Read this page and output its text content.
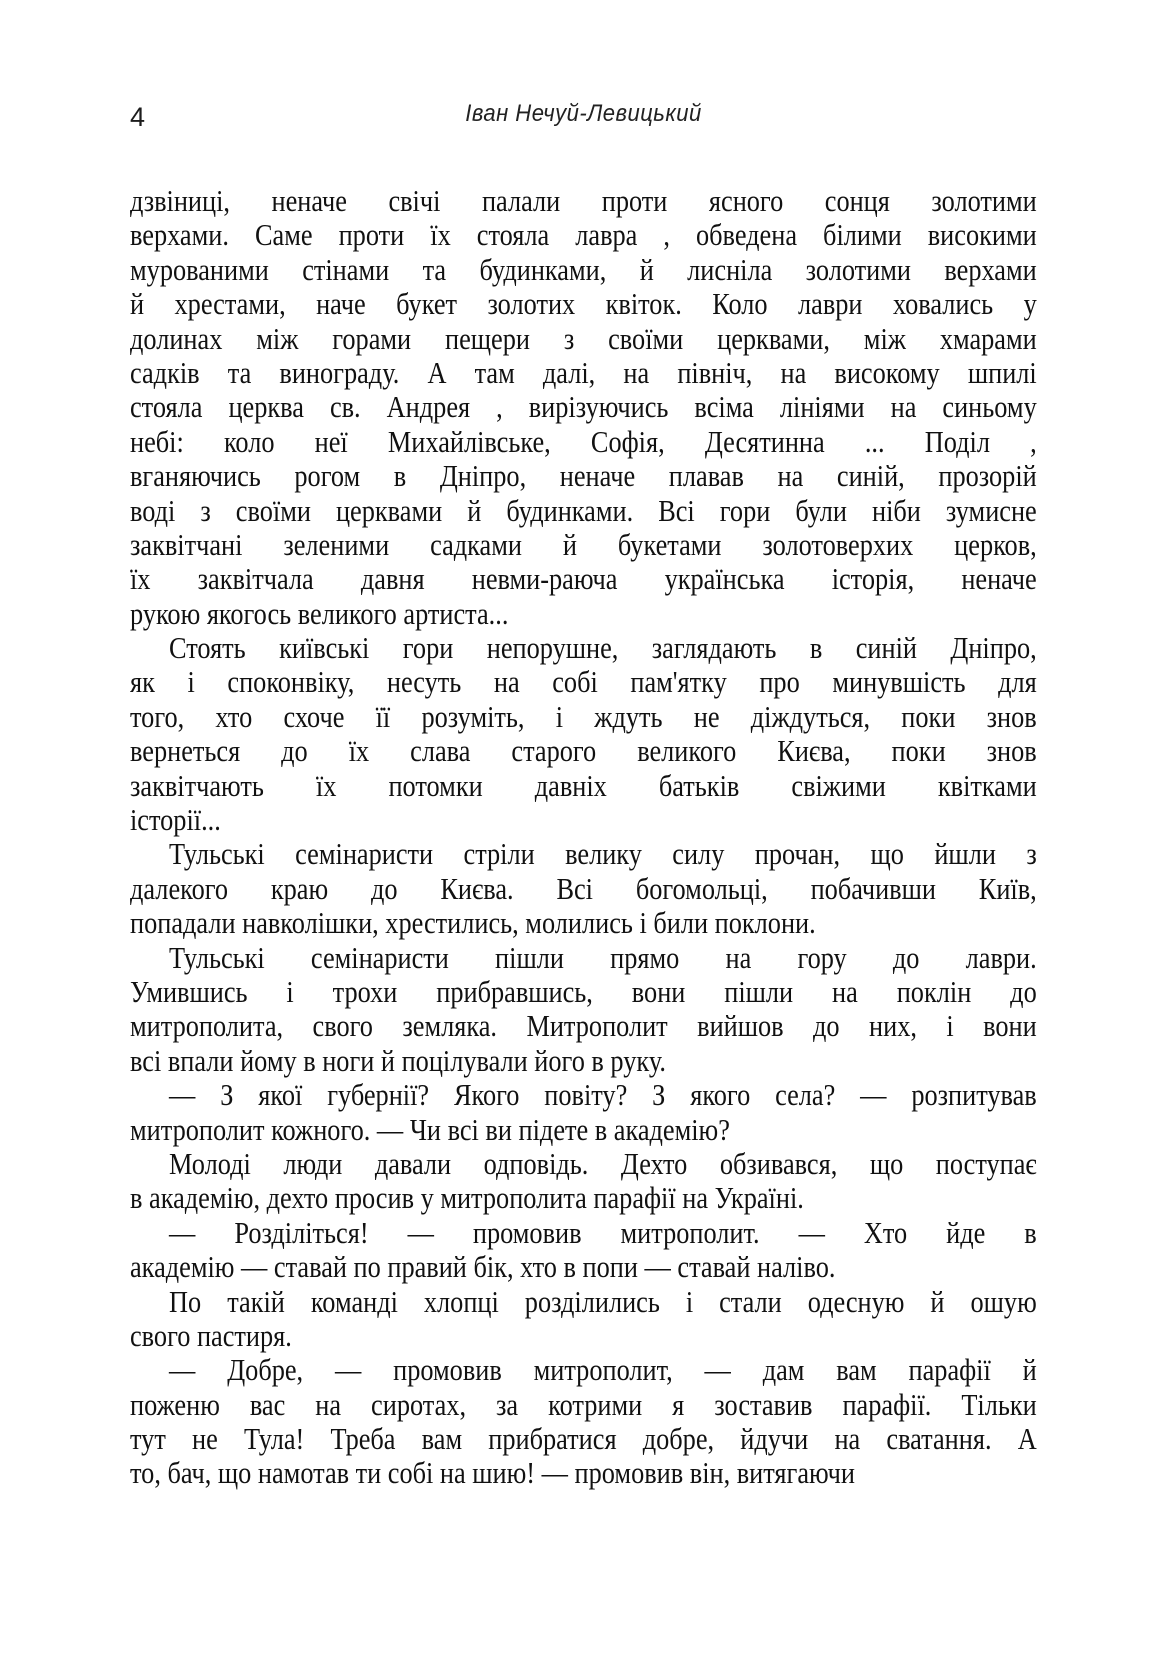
4	Іван Нечуй-Левицький
дзвіниці, неначе свічі палали проти ясного сонця золотими
верхами. Саме проти їх стояла лавра , обведена білими високими
мурованими стінами та будинками, й лисніла золотими верхами
й хрестами, наче букет золотих квіток. Коло лаври ховались у
долинах між горами пещери з своїми церквами, між хмарами
садків та винограду. А там далі, на північ, на високому шпилі
стояла церква св. Андрея , вирізуючись всіма лініями на синьому
небі: коло неї Михайлівське, Софія, Десятинна ... Поділ ,
вганяючись рогом в Дніпро, неначе плавав на синій, прозорій
воді з своїми церквами й будинками. Всі гори були ніби зумисне
заквітчані зеленими садками й букетами золотоверхих церков,
їх заквітчала давня невми-раюча українська історія, неначе
рукою якогось великого артиста...
Стоять київські гори непорушне, заглядають в синій Дніпро,
як і споконвіку, несуть на собі пам'ятку про минувшість для
того, хто схоче її розуміть, і ждуть не діждуться, поки знов
вернеться до їх слава старого великого Києва, поки знов
заквітчають їх потомки давніх батьків свіжими квітками
історії...
Тульські семінаристи стріли велику силу прочан, що йшли з
далекого краю до Києва. Всі богомольці, побачивши Київ,
попадали навколішки, хрестились, молились і били поклони.
Тульські семінаристи пішли прямо на гору до лаври.
Умившись і трохи прибравшись, вони пішли на поклін до
митрополита, свого земляка. Митрополит вийшов до них, і вони
всі впали йому в ноги й поцілували його в руку.
— З якої губернії? Якого повіту? З якого села? — розпитував
митрополит кожного. — Чи всі ви підете в академію?
Молоді люди давали одповідь. Дехто обзивався, що поступає
в академію, дехто просив у митрополита парафії на Україні.
— Розділіться! — промовив митрополит. — Хто йде в
академію — ставай по правий бік, хто в попи — ставай наліво.
По такій команді хлопці розділились і стали одесную й ошую
свого пастиря.
— Добре, — промовив митрополит, — дам вам парафії й
поженю вас на сиротах, за котрими я зоставив парафії. Тільки
тут не Тула! Треба вам прибратися добре, йдучи на сватання. А
то, бач, що намотав ти собі на шию! — промовив він, витягаючи
